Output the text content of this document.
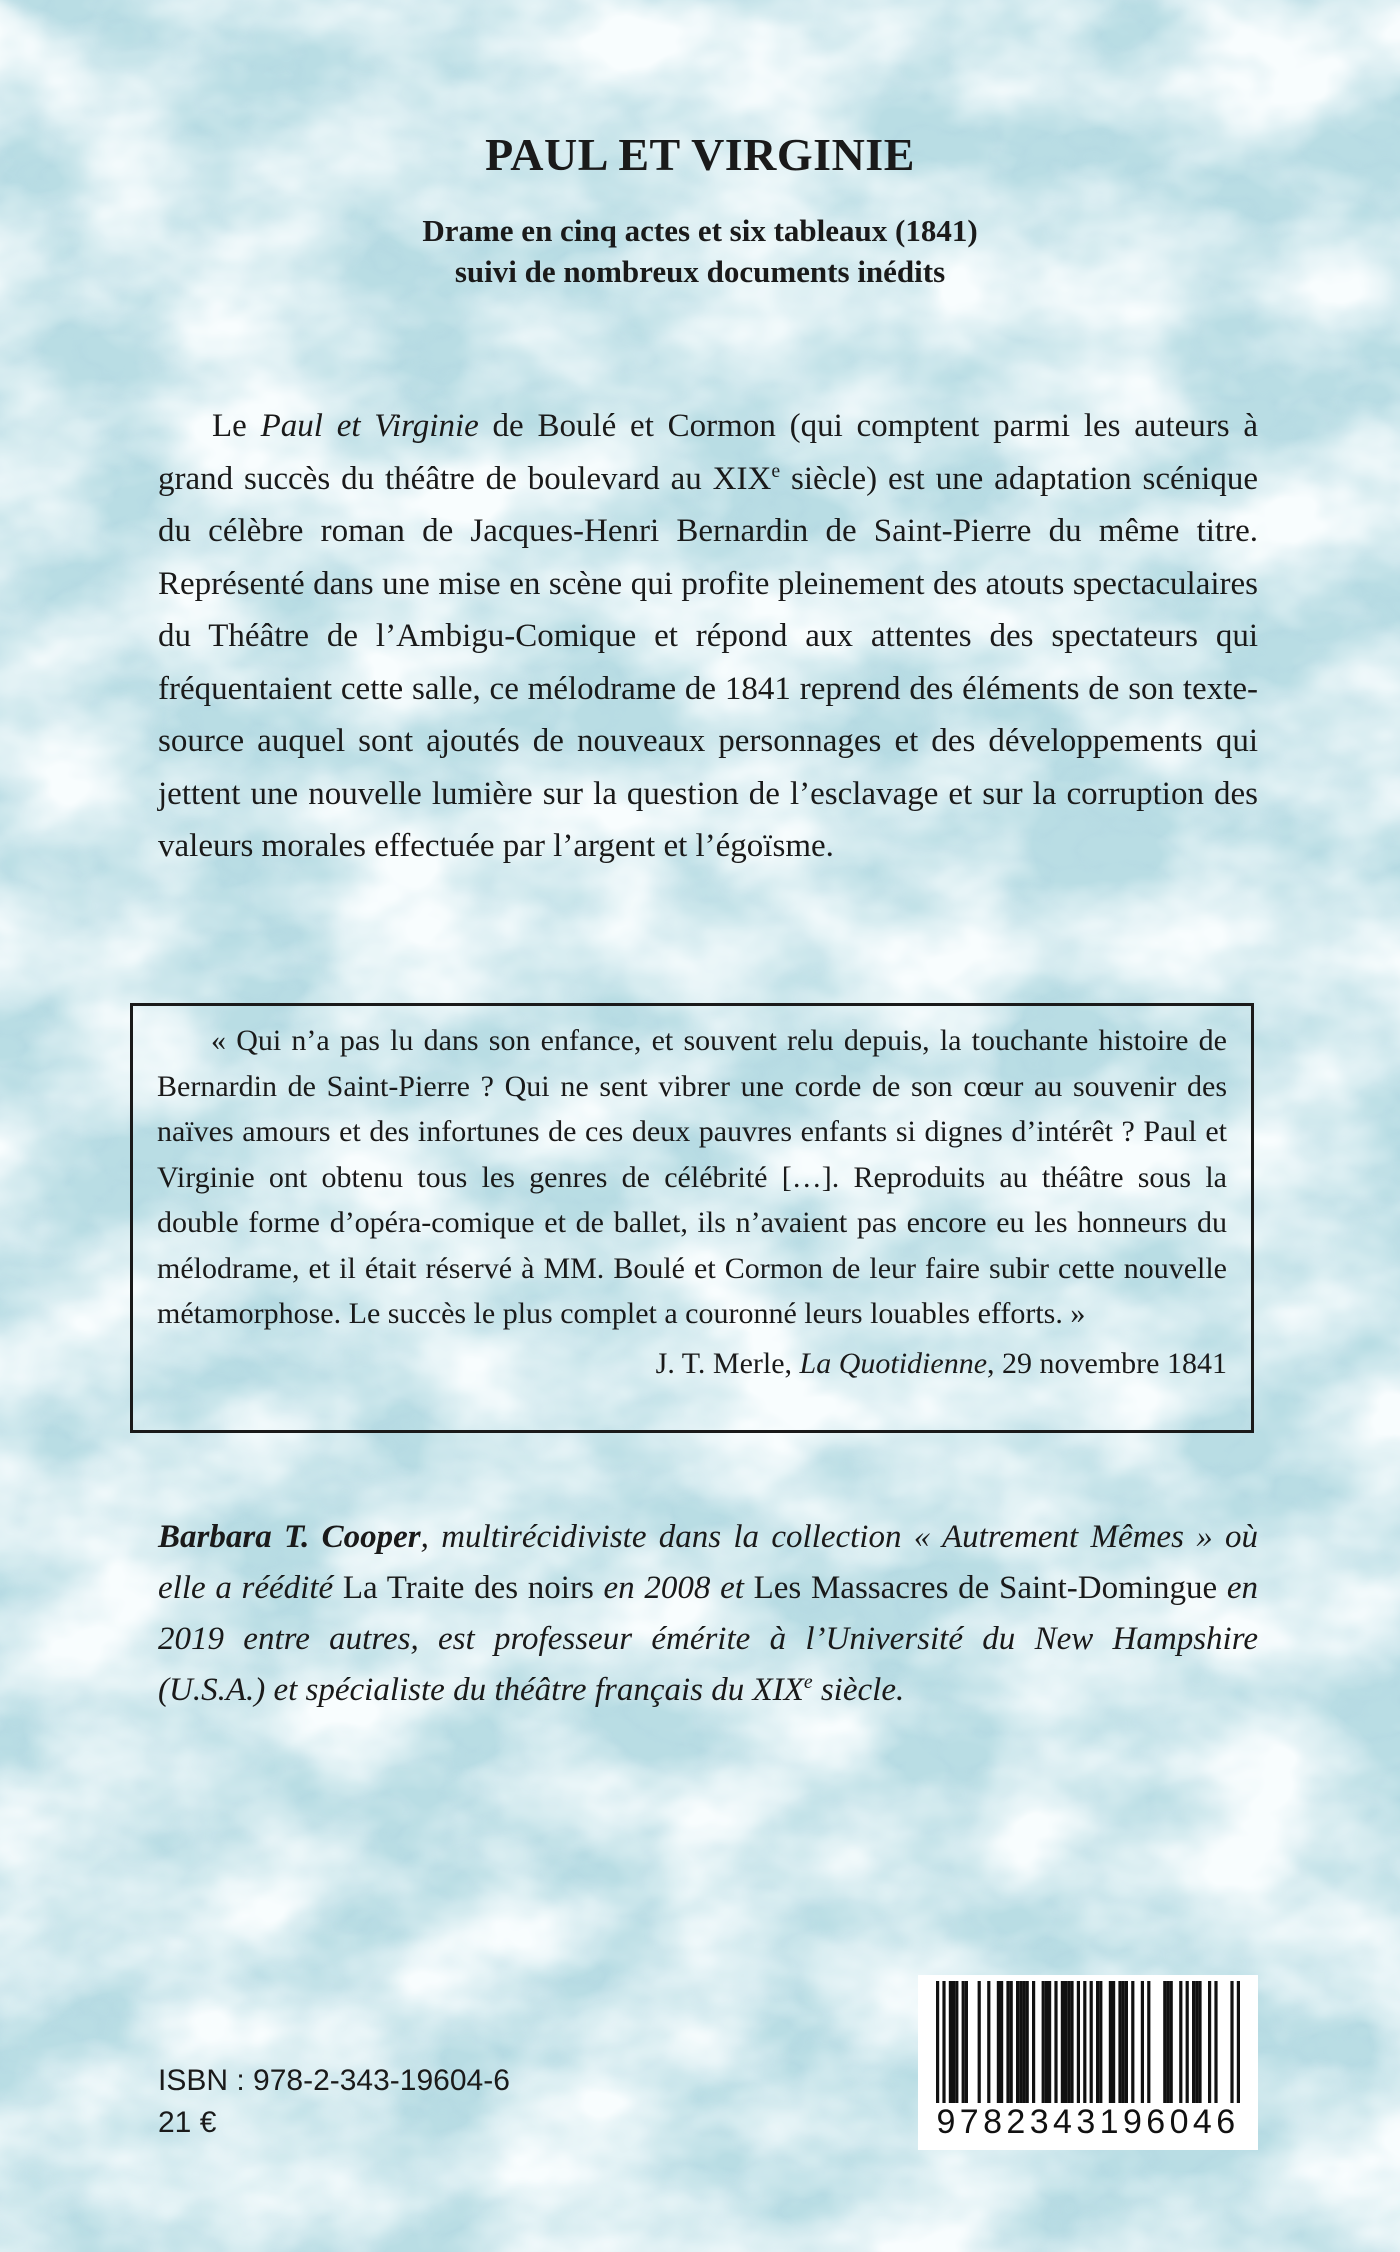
PAUL ET VIRGINIE
Drame en cinq actes et six tableaux (1841)
suivi de nombreux documents inédits

Le Paul et Virginie de Boulé et Cormon (qui comptent parmi les auteurs à grand succès du théâtre de boulevard au XIXe siècle) est une adaptation scénique du célèbre roman de Jacques-Henri Bernardin de Saint-Pierre du même titre. Représenté dans une mise en scène qui profite pleinement des atouts spectaculaires du Théâtre de l’Ambigu-Comique et répond aux attentes des spectateurs qui fréquentaient cette salle, ce mélodrame de 1841 reprend des éléments de son texte-source auquel sont ajoutés de nouveaux personnages et des développements qui jettent une nouvelle lumière sur la question de l’esclavage et sur la corruption des valeurs morales effectuée par l’argent et l’égoïsme.

« Qui n’a pas lu dans son enfance, et souvent relu depuis, la touchante histoire de Bernardin de Saint-Pierre ? Qui ne sent vibrer une corde de son cœur au souvenir des naïves amours et des infortunes de ces deux pauvres enfants si dignes d’intérêt ? Paul et Virginie ont obtenu tous les genres de célébrité […]. Reproduits au théâtre sous la double forme d’opéra-comique et de ballet, ils n’avaient pas encore eu les honneurs du mélodrame, et il était réservé à MM. Boulé et Cormon de leur faire subir cette nouvelle métamorphose. Le succès le plus complet a couronné leurs louables efforts. »

J. T. Merle, La Quotidienne, 29 novembre 1841

Barbara T. Cooper, multirécidiviste dans la collection « Autrement Mêmes » où elle a réédité La Traite des noirs en 2008 et Les Massacres de Saint-Domingue en 2019 entre autres, est professeur émérite à l’Université du New Hampshire (U.S.A.) et spécialiste du théâtre français du XIXe siècle.

ISBN : 978-2-343-19604-6
21 €	9782343196046
